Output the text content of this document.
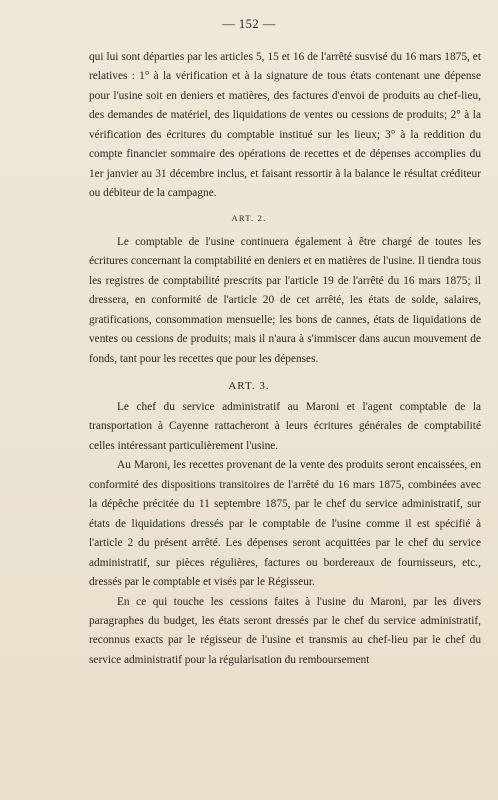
— 152 —

qui lui sont départies par les articles 5, 15 et 16 de l'arrêté susvisé du 16 mars 1875, et relatives : 1° à la vérification et à la signature de tous états contenant une dépense pour l'usine soit en deniers et matières, des factures d'envoi de produits au chef-lieu, des demandes de matériel, des liquidations de ventes ou cessions de produits; 2° à la vérification des écritures du comptable institué sur les lieux; 3° à la reddition du compte financier sommaire des opérations de recettes et de dépenses accomplies du 1er janvier au 31 décembre inclus, et faisant ressortir à la balance le résultat créditeur ou débiteur de la campagne.

ART. 2.

Le comptable de l'usine continuera également à être chargé de toutes les écritures concernant la comptabilité en deniers et en matières de l'usine. Il tiendra tous les registres de comptabilité prescrits par l'article 19 de l'arrêté du 16 mars 1875; il dressera, en conformité de l'article 20 de cet arrêté, les états de solde, salaires, gratifications, consommation mensuelle; les bons de cannes, états de liquidations de ventes ou cessions de produits; mais il n'aura à s'immiscer dans aucun mouvement de fonds, tant pour les recettes que pour les dépenses.

ART. 3.

Le chef du service administratif au Maroni et l'agent comptable de la transportation à Cayenne rattacheront à leurs écritures générales de comptabilité celles intéressant particulièrement l'usine.

Au Maroni, les recettes provenant de la vente des produits seront encaissées, en conformité des dispositions transitoires de l'arrêté du 16 mars 1875, combinées avec la dépêche précitée du 11 septembre 1875, par le chef du service administratif, sur états de liquidations dressés par le comptable de l'usine comme il est spécifié à l'article 2 du présent arrêté. Les dépenses seront acquittées par le chef du service administratif, sur pièces régulières, factures ou bordereaux de fournisseurs, etc., dressés par le comptable et visés par le Régisseur.

En ce qui touche les cessions faites à l'usine du Maroni, par les divers paragraphes du budget, les états seront dressés par le chef du service administratif, reconnus exacts par le régisseur de l'usine et transmis au chef-lieu par le chef du service administratif pour la régularisation du remboursement
